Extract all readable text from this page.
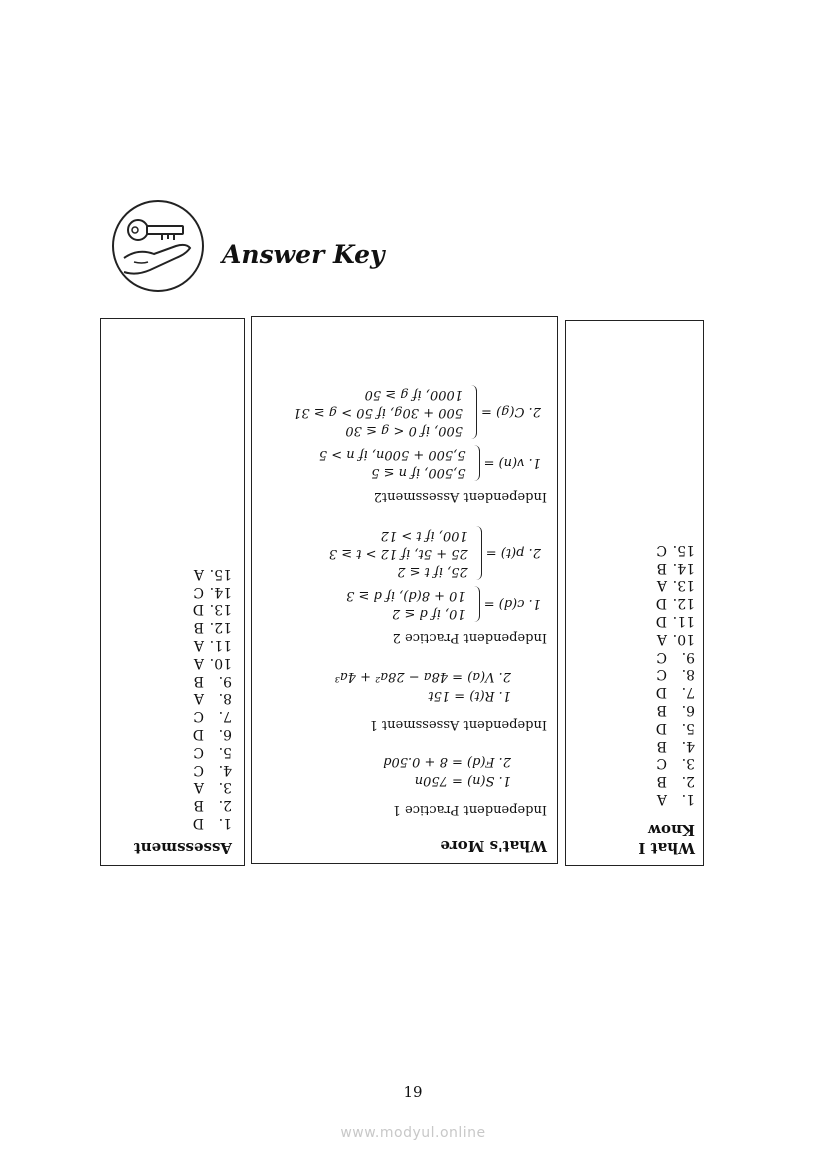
Answer Key

Assessment

1.D
2.B
3.A
4.C
5.C
6.D
7.C
8.A
9.B
10.A
11.A
12.B
13.D
14.C
15.A

What's More

Independent Practice 1
1. S(n) = 750n
2. F(d) = 8 + 0.50d
Independent Assessment 1
1. R(t) = 15t
2. V(a) = 48a − 28a² + 4a³
Independent Practice 2
1. c(d) =
10, if d ≤ 2
10 + 8(d), if d ≥ 3

2. p(t) =
25, if t ≤ 2
25 + 5t, if 12 > t ≥ 3
100, if t > 12
Independent Assessment2
1. v(n) =
5,500, if n ≤ 5
5,500 + 500n, if n > 5

2. C(g) =
500, if 0 < g ≤ 30
500 + 30g, if 50 > g ≥ 31
1000, if g ≥ 50

What I
Know

1.A
2.B
3.C
4.B
5.D
6.B
7.D
8.C
9.C
10.A
11.D
12.D
13.A
14.B
15.C
19
www.modyul.online
